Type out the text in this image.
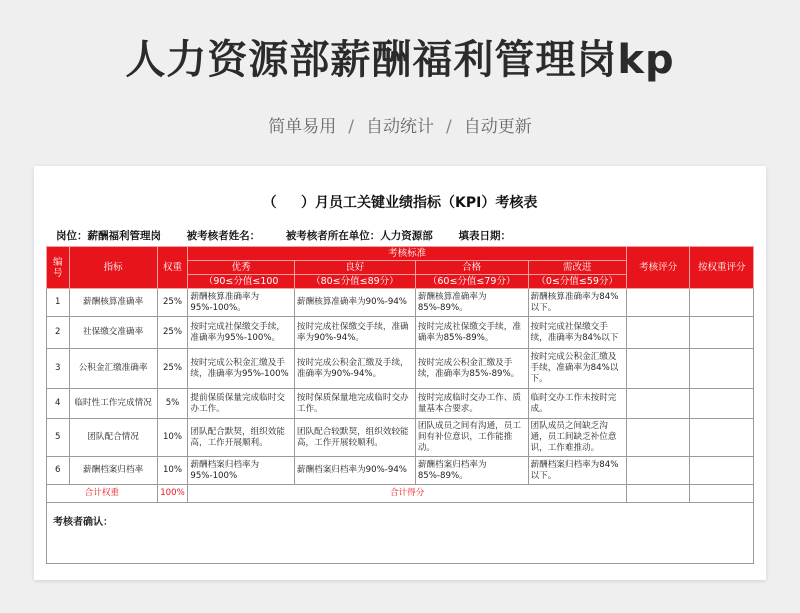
人力资源部薪酬福利管理岗kp
简单易用 / 自动统计 / 自动更新
（     ）月员工关键业绩指标（KPI）考核表
岗位：薪酬福利管理岗 被考核者姓名： 被考核者所在单位：人力资源部 填表日期：
编号	指标	权重	考核标准				考核评分	按权重评分
			优秀	良好	合格	需改进		
			（90≤分值≤100	（80≤分值≤89分）	（60≤分值≤79分）	（0≤分值≤59分）		
1	薪酬核算准确率	25%	薪酬核算准确率为95%-100%。	薪酬核算准确率为90%-94%	薪酬核算准确率为85%-89%。	薪酬核算准确率为84%以下。		
2	社保缴交准确率	25%	按时完成社保缴交手续，准确率为95%-100%。	按时完成社保缴交手续，准确率为90%-94%。	按时完成社保缴交手续，准确率为85%-89%。	按时完成社保缴交手续，准确率为84%以下		
3	公积金汇缴准确率	25%	按时完成公积金汇缴及手续，准确率为95%-100%	按时完成公积金汇缴及手续，准确率为90%-94%。	按时完成公积金汇缴及手续，准确率为85%-89%。	按时完成公积金汇缴及手续，准确率为84%以下。		
4	临时性工作完成情况	5%	提前保质保量完成临时交办工作。	按时保质保量地完成临时交办工作。	按时完成临时交办工作、质量基本合要求。	临时交办工作未按时完成。		
5	团队配合情况	10%	团队配合默契，组织效能高，工作开展顺利。	团队配合较默契，组织效较能高，工作开展较顺利。	团队成员之间有沟通，员工间有补位意识，工作能推动。	团队成员之间缺乏沟通，员工间缺乏补位意识，工作难推动。		
6	薪酬档案归档率	10%	薪酬档案归档率为95%-100%	薪酬档案归档率为90%-94%	薪酬档案归档率为85%-89%。	薪酬档案归档率为84%以下。		
合计权重		100%	合计得分					
考核者确认：								
